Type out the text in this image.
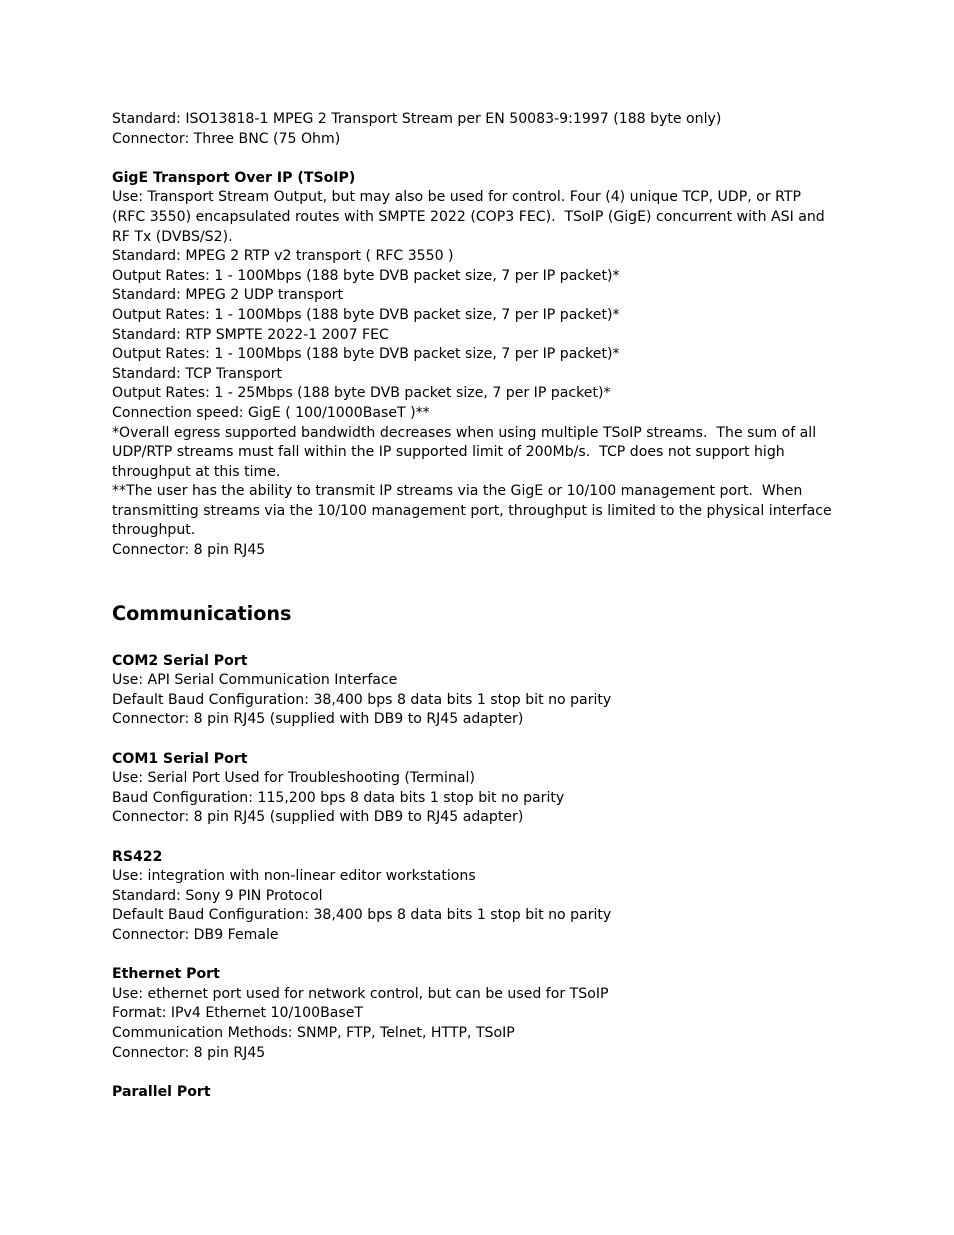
Standard: ISO13818-1 MPEG 2 Transport Stream per EN 50083-9:1997 (188 byte only)
Connector: Three BNC (75 Ohm)
GigE Transport Over IP (TSoIP)
Use: Transport Stream Output, but may also be used for control. Four (4) unique TCP, UDP, or RTP
(RFC 3550) encapsulated routes with SMPTE 2022 (COP3 FEC).  TSoIP (GigE) concurrent with ASI and
RF Tx (DVBS/S2).
Standard: MPEG 2 RTP v2 transport ( RFC 3550 )
Output Rates: 1 - 100Mbps (188 byte DVB packet size, 7 per IP packet)*
Standard: MPEG 2 UDP transport
Output Rates: 1 - 100Mbps (188 byte DVB packet size, 7 per IP packet)*
Standard: RTP SMPTE 2022-1 2007 FEC
Output Rates: 1 - 100Mbps (188 byte DVB packet size, 7 per IP packet)*
Standard: TCP Transport
Output Rates: 1 - 25Mbps (188 byte DVB packet size, 7 per IP packet)*
Connection speed: GigE ( 100/1000BaseT )**
*Overall egress supported bandwidth decreases when using multiple TSoIP streams.  The sum of all
UDP/RTP streams must fall within the IP supported limit of 200Mb/s.  TCP does not support high
throughput at this time.
**The user has the ability to transmit IP streams via the GigE or 10/100 management port.  When
transmitting streams via the 10/100 management port, throughput is limited to the physical interface
throughput.
Connector: 8 pin RJ45
Communications
COM2 Serial Port
Use: API Serial Communication Interface
Default Baud Configuration: 38,400 bps 8 data bits 1 stop bit no parity
Connector: 8 pin RJ45 (supplied with DB9 to RJ45 adapter)
COM1 Serial Port
Use: Serial Port Used for Troubleshooting (Terminal)
Baud Configuration: 115,200 bps 8 data bits 1 stop bit no parity
Connector: 8 pin RJ45 (supplied with DB9 to RJ45 adapter)
RS422
Use: integration with non-linear editor workstations
Standard: Sony 9 PIN Protocol
Default Baud Configuration: 38,400 bps 8 data bits 1 stop bit no parity
Connector: DB9 Female
Ethernet Port
Use: ethernet port used for network control, but can be used for TSoIP
Format: IPv4 Ethernet 10/100BaseT
Communication Methods: SNMP, FTP, Telnet, HTTP, TSoIP
Connector: 8 pin RJ45
Parallel Port
